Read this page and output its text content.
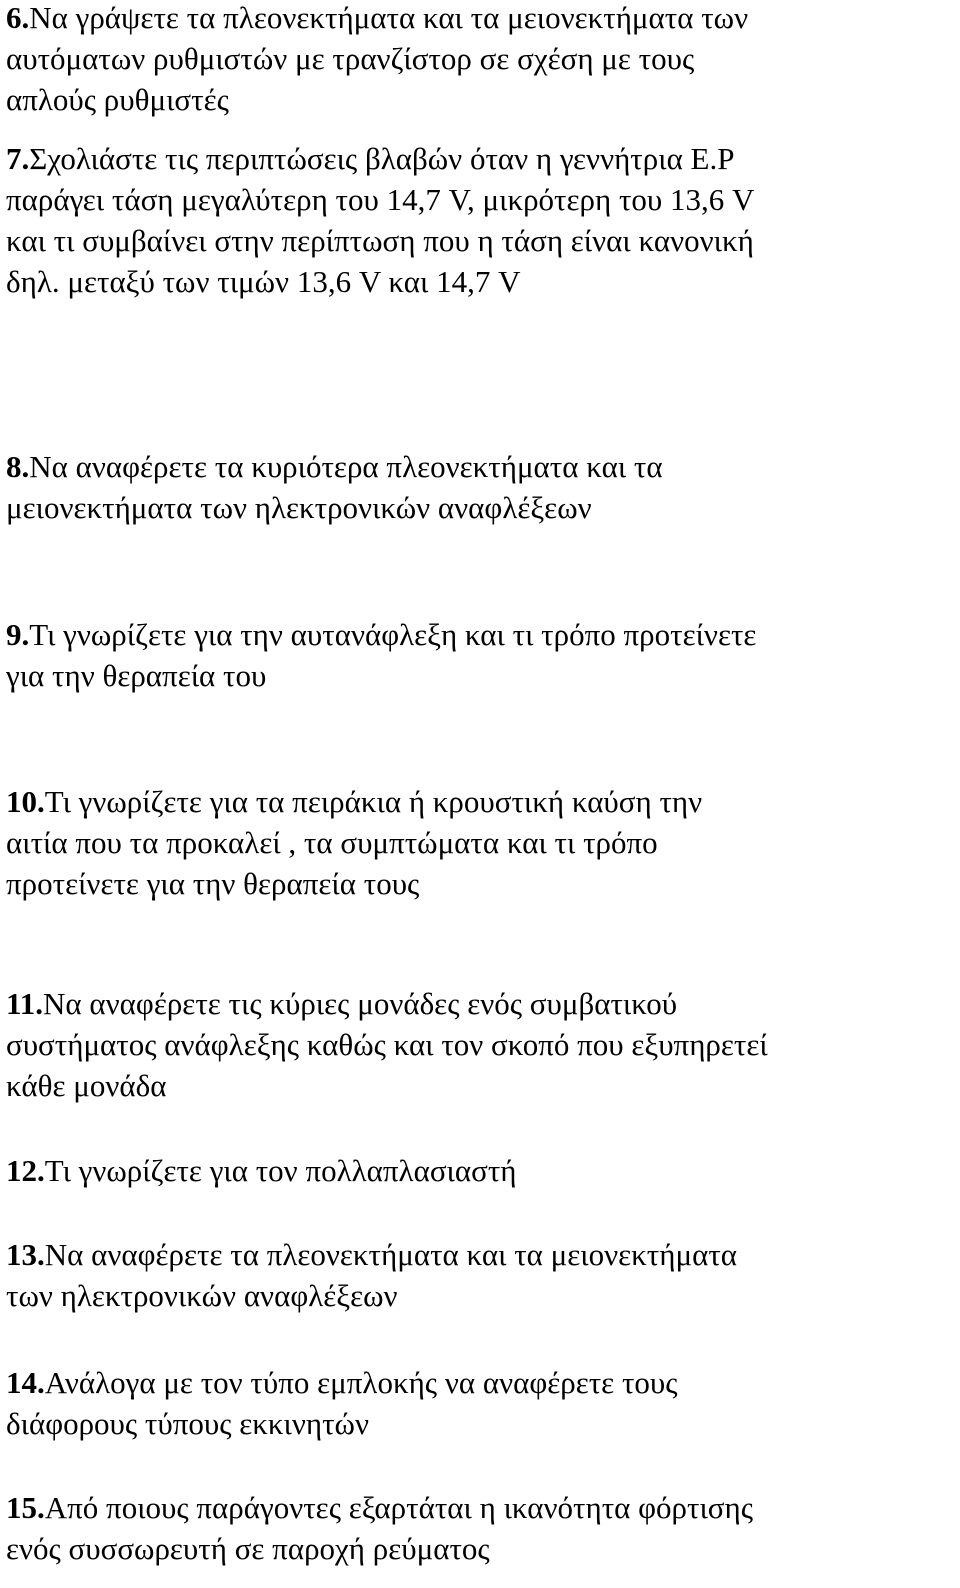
6.Να γράψετε τα πλεονεκτήματα και τα μειονεκτήματα των
αυτόματων ρυθμιστών με τρανζίστορ σε σχέση με τους
απλούς ρυθμιστές
7.Σχολιάστε τις περιπτώσεις βλαβών όταν η γεννήτρια Ε.Ρ
παράγει τάση μεγαλύτερη του 14,7 V, μικρότερη του 13,6 V
και τι συμβαίνει στην περίπτωση που η τάση είναι κανονική
δηλ. μεταξύ των τιμών 13,6 V και 14,7 V
8.Να αναφέρετε τα κυριότερα πλεονεκτήματα και τα
μειονεκτήματα των ηλεκτρονικών αναφλέξεων
9.Τι γνωρίζετε για την αυτανάφλεξη και τι τρόπο προτείνετε
για την θεραπεία του
10.Τι γνωρίζετε για τα πειράκια ή κρουστική καύση την
αιτία που τα προκαλεί , τα συμπτώματα και τι τρόπο
προτείνετε για την θεραπεία τους
11.Να αναφέρετε τις κύριες μονάδες ενός συμβατικού
συστήματος ανάφλεξης καθώς και τον σκοπό που εξυπηρετεί
κάθε μονάδα
12.Τι γνωρίζετε για τον πολλαπλασιαστή
13.Να αναφέρετε τα πλεονεκτήματα και τα μειονεκτήματα
των ηλεκτρονικών αναφλέξεων
14.Ανάλογα με τον τύπο εμπλοκής να αναφέρετε τους
διάφορους τύπους εκκινητών
15.Από ποιους παράγοντες εξαρτάται η ικανότητα φόρτισης
ενός συσσωρευτή σε παροχή ρεύματος
